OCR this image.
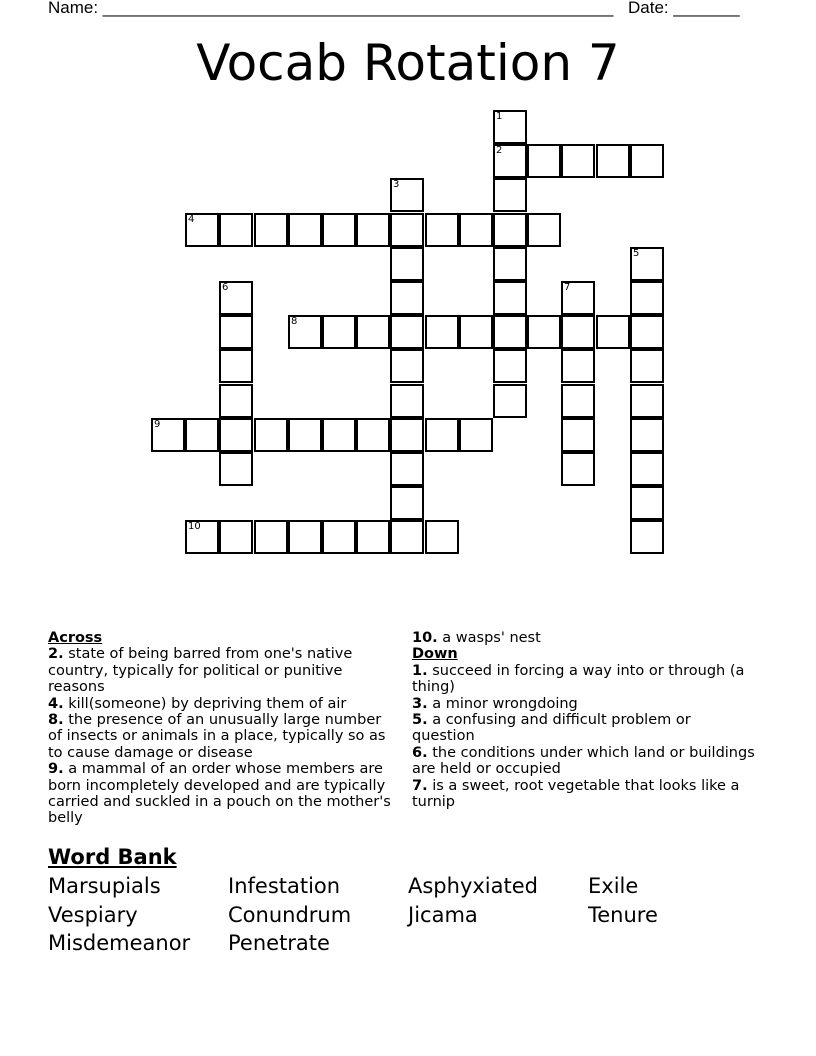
Name: ______________________________________________________ Date: _______
Vocab Rotation 7
1
2
3
4
5
6	7
8
9
10
Across
2. state of being barred from one's native country, typically for political or punitive reasons
4. kill(someone) by depriving them of air
8. the presence of an unusually large number of insects or animals in a place, typically so as to cause damage or disease
9. a mammal of an order whose members are born incompletely developed and are typically carried and suckled in a pouch on the mother's belly
10. a wasps' nest
Down
1. succeed in forcing a way into or through (a thing)
3. a minor wrongdoing
5. a confusing and difficult problem or question
6. the conditions under which land or buildings are held or occupied
7. is a sweet, root vegetable that looks like a turnip
Word Bank
Marsupials	Infestation	Asphyxiated	Exile
Vespiary	Conundrum	Jicama	Tenure
Misdemeanor	Penetrate
